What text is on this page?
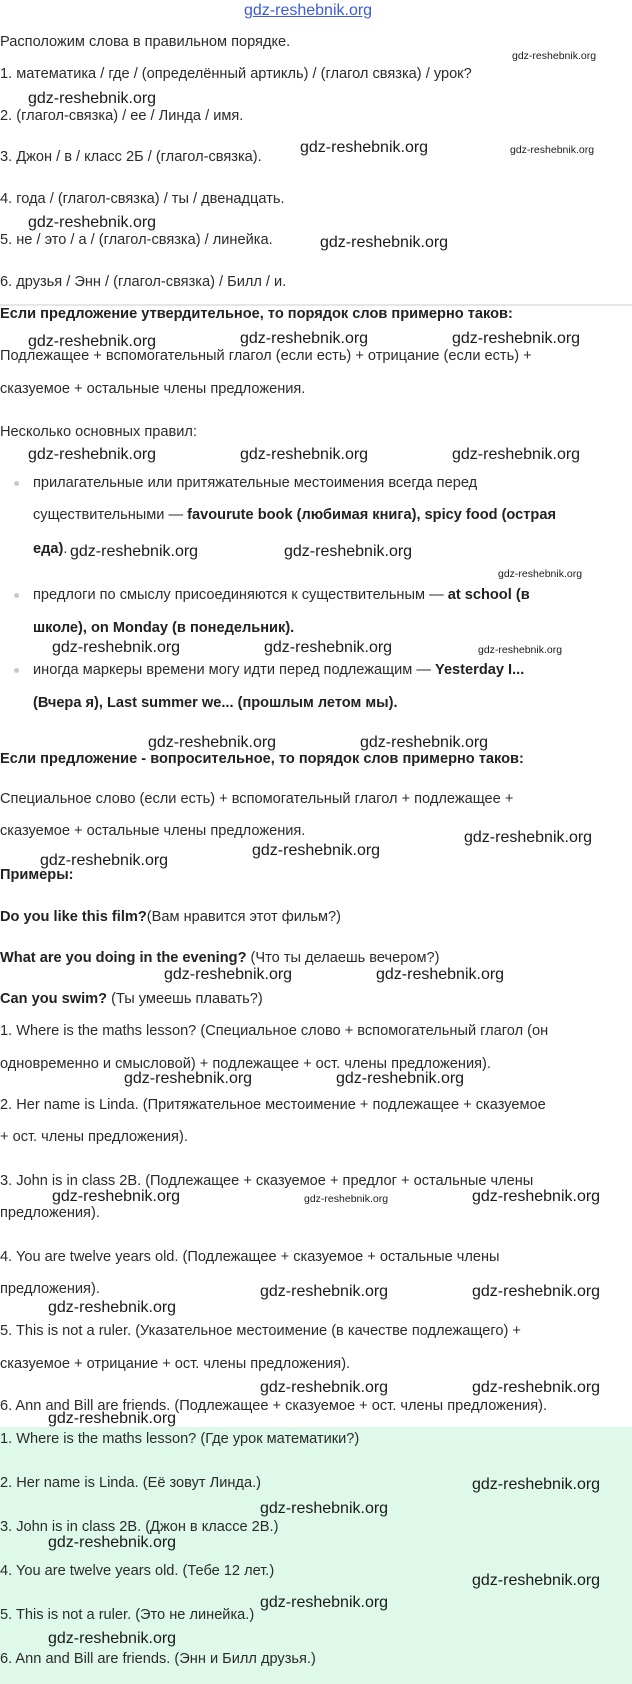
gdz-reshebnik.org
Расположим слова в правильном порядке.
1. математика / где / (определённый артикль) / (глагол связка) / урок?
2. (глагол-связка) / ее / Линда / имя.
3. Джон / в / класс 2Б / (глагол-связка).
4. года / (глагол-связка) / ты / двенадцать.
5. не / это / а / (глагол-связка) / линейка.
6. друзья / Энн / (глагол-связка) / Билл / и.
Если предложение утвердительное, то порядок слов примерно таков:
Подлежащее + вспомогательный глагол (если есть) + отрицание (если есть) +
сказуемое + остальные члены предложения.
Несколько основных правил:
прилагательные или притяжательные местоимения всегда перед
существительными — favourute book (любимая книга), spicy food (острая
еда).
предлоги по смыслу присоединяются к существительным — at school (в
школе), on Monday (в понедельник).
иногда маркеры времени могу идти перед подлежащим — Yesterday I...
(Вчера я), Last summer we... (прошлым летом мы).
Если предложение - вопросительное, то порядок слов примерно таков:
Специальное слово (если есть) + вспомогательный глагол + подлежащее +
сказуемое + остальные члены предложения.
Примеры:
Do you like this film?(Вам нравится этот фильм?)
What are you doing in the evening? (Что ты делаешь вечером?)
Can you swim? (Ты умеешь плавать?)
1. Where is the maths lesson? (Специальное слово + вспомогательный глагол (он
одновременно и смысловой) + подлежащее + ост. члены предложения).
2. Her name is Linda. (Притяжательное местоимение + подлежащее + сказуемое
+ ост. члены предложения).
3. John is in class 2B. (Подлежащее + сказуемое + предлог + остальные члены
предложения).
4. You are twelve years old. (Подлежащее + сказуемое + остальные члены
предложения).
5. This is not a ruler. (Указательное местоимение (в качестве подлежащего) +
сказуемое + отрицание + ост. члены предложения).
6. Ann and Bill are friends. (Подлежащее + сказуемое + ост. члены предложения).
1. Where is the maths lesson? (Где урок математики?)
2. Her name is Linda. (Её зовут Линда.)
3. John is in class 2B. (Джон в классе 2B.)
4. You are twelve years old. (Тебе 12 лет.)
5. This is not a ruler. (Это не линейка.)
6. Ann and Bill are friends. (Энн и Билл друзья.)
gdz-reshebnik.org
gdz-reshebnik.org
gdz-reshebnik.org	gdz-reshebnik.org
gdz-reshebnik.org
gdz-reshebnik.org
gdz-reshebnik.org	gdz-reshebnik.org	gdz-reshebnik.org
gdz-reshebnik.org	gdz-reshebnik.org	gdz-reshebnik.org
gdz-reshebnik.org	gdz-reshebnik.org
gdz-reshebnik.org
gdz-reshebnik.org	gdz-reshebnik.org	gdz-reshebnik.org
gdz-reshebnik.org	gdz-reshebnik.org
gdz-reshebnik.org
gdz-reshebnik.org
gdz-reshebnik.org
gdz-reshebnik.org	gdz-reshebnik.org
gdz-reshebnik.org	gdz-reshebnik.org
gdz-reshebnik.org	gdz-reshebnik.org	gdz-reshebnik.org
gdz-reshebnik.org	gdz-reshebnik.org
gdz-reshebnik.org
gdz-reshebnik.org	gdz-reshebnik.org
gdz-reshebnik.org
gdz-reshebnik.org
gdz-reshebnik.org
gdz-reshebnik.org
gdz-reshebnik.org
gdz-reshebnik.org
gdz-reshebnik.org
